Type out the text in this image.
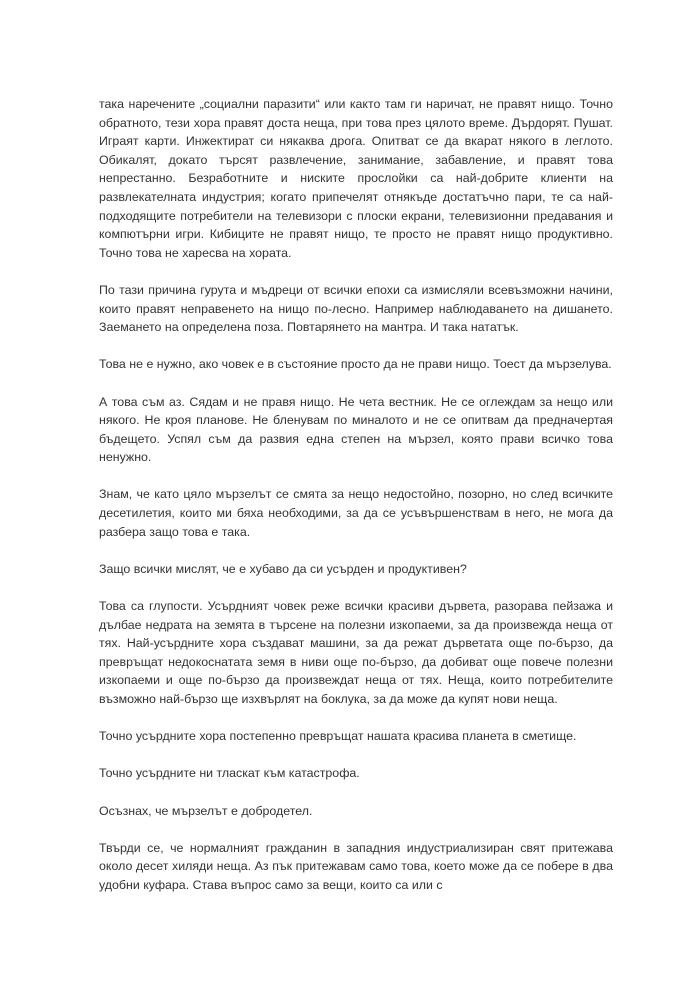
така наречените „социални паразити“ или както там ги наричат, не правят нищо. Точно обратното, тези хора правят доста неща, при това през цялото време. Дърдорят. Пушат. Играят карти. Инжектират си някаква дрога. Опитват се да вкарат някого в леглото. Обикалят, докато търсят развлечение, занимание, забавление, и правят това непрестанно. Безработните и ниските прослойки са най-добрите клиенти на развлекателната индустрия; когато припечелят отнякъде достатъчно пари, те са най-подходящите потребители на телевизори с плоски екрани, телевизионни предавания и компютърни игри. Кибиците не правят нищо, те просто не правят нищо продуктивно. Точно това не харесва на хората.

По тази причина гурута и мъдреци от всички епохи са измисляли всевъзможни начини, които правят неправенето на нищо по-лесно. Например наблюдаването на дишането. Заемането на определена поза. Повтарянето на мантра. И така нататък.

Това не е нужно, ако човек е в състояние просто да не прави нищо. Тоест да мързелува.

А това съм аз. Сядам и не правя нищо. Не чета вестник. Не се оглеждам за нещо или някого. Не кроя планове. Не бленувам по миналото и не се опитвам да предначертая бъдещето. Успял съм да развия една степен на мързел, която прави всичко това ненужно.

Знам, че като цяло мързелът се смята за нещо недостойно, позорно, но след всичките десетилетия, които ми бяха необходими, за да се усъвършенствам в него, не мога да разбера защо това е така.

Защо всички мислят, че е хубаво да си усърден и продуктивен?

Това са глупости. Усърдният човек реже всички красиви дървета, разорава пейзажа и дълбае недрата на земята в търсене на полезни изкопаеми, за да произвежда неща от тях. Най-усърдните хора създават машини, за да режат дърветата още по-бързо, да превръщат недокоснатата земя в ниви още по-бързо, да добиват още повече полезни изкопаеми и още по-бързо да произвеждат неща от тях. Неща, които потребителите възможно най-бързо ще изхвърлят на боклука, за да може да купят нови неща.

Точно усърдните хора постепенно превръщат нашата красива планета в сметище.

Точно усърдните ни тласкат към катастрофа.

Осъзнах, че мързелът е добродетел.

Твърди се, че нормалният гражданин в западния индустриализиран свят притежава около десет хиляди неща. Аз пък притежавам само това, което може да се побере в два удобни куфара. Става въпрос само за вещи, които са или с
